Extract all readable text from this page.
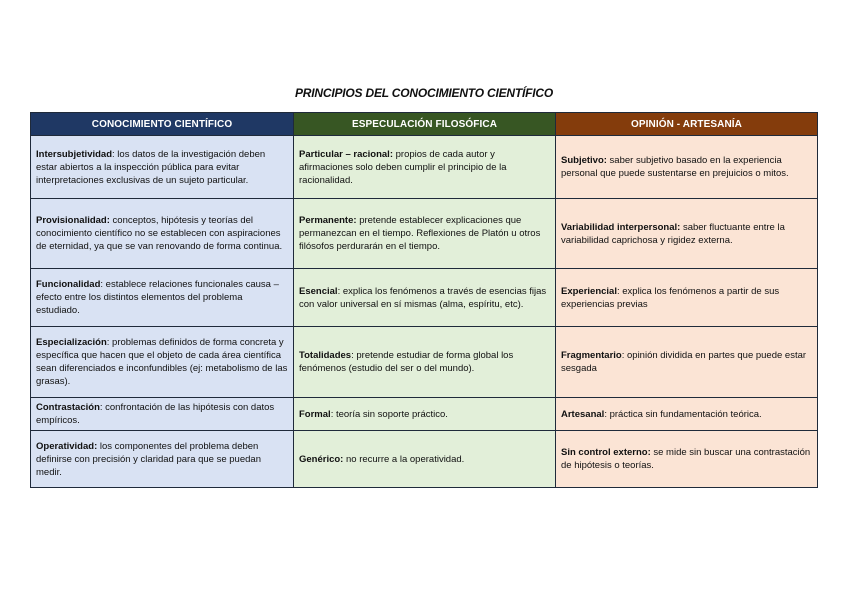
PRINCIPIOS DEL CONOCIMIENTO CIENTÍFICO
CONOCIMIENTO CIENTÍFICO	ESPECULACIÓN FILOSÓFICA	OPINIÓN - ARTESANÍA
Intersubjetividad: los datos de la investigación deben estar abiertos a la inspección pública para evitar interpretaciones exclusivas de un sujeto particular.	Particular – racional: propios de cada autor y afirmaciones solo deben cumplir el principio de la racionalidad.	Subjetivo: saber subjetivo basado en la experiencia personal que puede sustentarse en prejuicios o mitos.
Provisionalidad: conceptos, hipótesis y teorías del conocimiento científico no se establecen con aspiraciones de eternidad, ya que se van renovando de forma continua.	Permanente: pretende establecer explicaciones que permanezcan en el tiempo. Reflexiones de Platón u otros filósofos perdurarán en el tiempo.	Variabilidad interpersonal: saber fluctuante entre la variabilidad caprichosa y rigidez externa.
Funcionalidad: establece relaciones funcionales causa – efecto entre los distintos elementos del problema estudiado.	Esencial: explica los fenómenos a través de esencias fijas con valor universal en sí mismas (alma, espíritu, etc).	Experiencial: explica los fenómenos a partir de sus experiencias previas
Especialización: problemas definidos de forma concreta y específica que hacen que el objeto de cada área científica sean diferenciados e inconfundibles (ej: metabolismo de las grasas).	Totalidades: pretende estudiar de forma global los fenómenos (estudio del ser o del mundo).	Fragmentario: opinión dividida en partes que puede estar sesgada
Contrastación: confrontación de las hipótesis con datos empíricos.	Formal: teoría sin soporte práctico.	Artesanal: práctica sin fundamentación teórica.
Operatividad: los componentes del problema deben definirse con precisión y claridad para que se puedan medir.	Genérico: no recurre a la operatividad.	Sin control externo: se mide sin buscar una contrastación de hipótesis o teorías.
